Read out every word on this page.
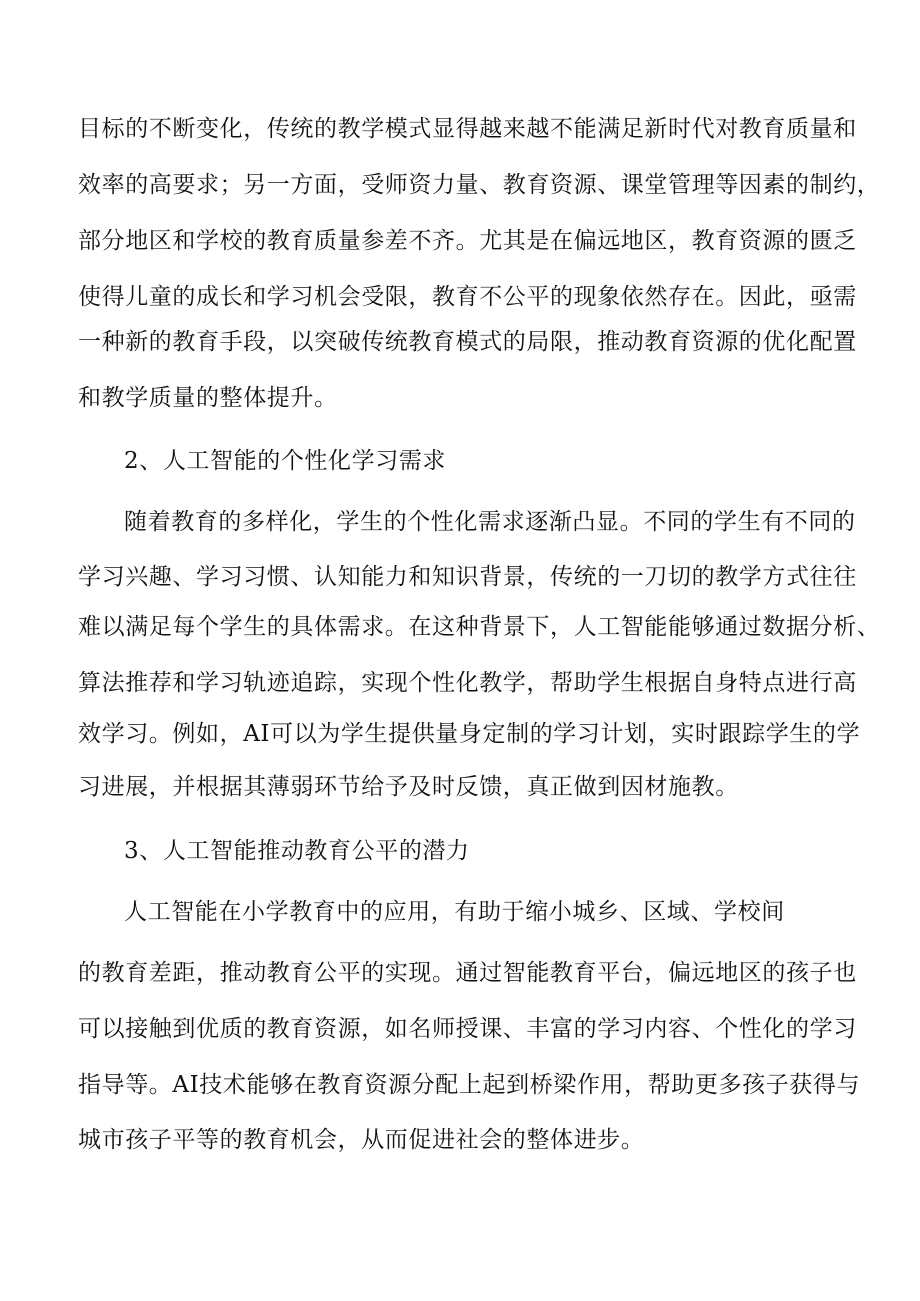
目标的不断变化，传统的教学模式显得越来越不能满足新时代对教育质量和
效率的高要求；另一方面，受师资力量、教育资源、课堂管理等因素的制约，
部分地区和学校的教育质量参差不齐。尤其是在偏远地区，教育资源的匮乏
使得儿童的成长和学习机会受限，教育不公平的现象依然存在。因此，亟需
一种新的教育手段，以突破传统教育模式的局限，推动教育资源的优化配置
和教学质量的整体提升。
2、人工智能的个性化学习需求
随着教育的多样化，学生的个性化需求逐渐凸显。不同的学生有不同的
学习兴趣、学习习惯、认知能力和知识背景，传统的一刀切的教学方式往往
难以满足每个学生的具体需求。在这种背景下，人工智能能够通过数据分析、
算法推荐和学习轨迹追踪，实现个性化教学，帮助学生根据自身特点进行高
效学习。例如，AI可以为学生提供量身定制的学习计划，实时跟踪学生的学
习进展，并根据其薄弱环节给予及时反馈，真正做到因材施教。
3、人工智能推动教育公平的潜力
人工智能在小学教育中的应用，有助于缩小城乡、区域、学校间
的教育差距，推动教育公平的实现。通过智能教育平台，偏远地区的孩子也
可以接触到优质的教育资源，如名师授课、丰富的学习内容、个性化的学习
指导等。AI技术能够在教育资源分配上起到桥梁作用，帮助更多孩子获得与
城市孩子平等的教育机会，从而促进社会的整体进步。
